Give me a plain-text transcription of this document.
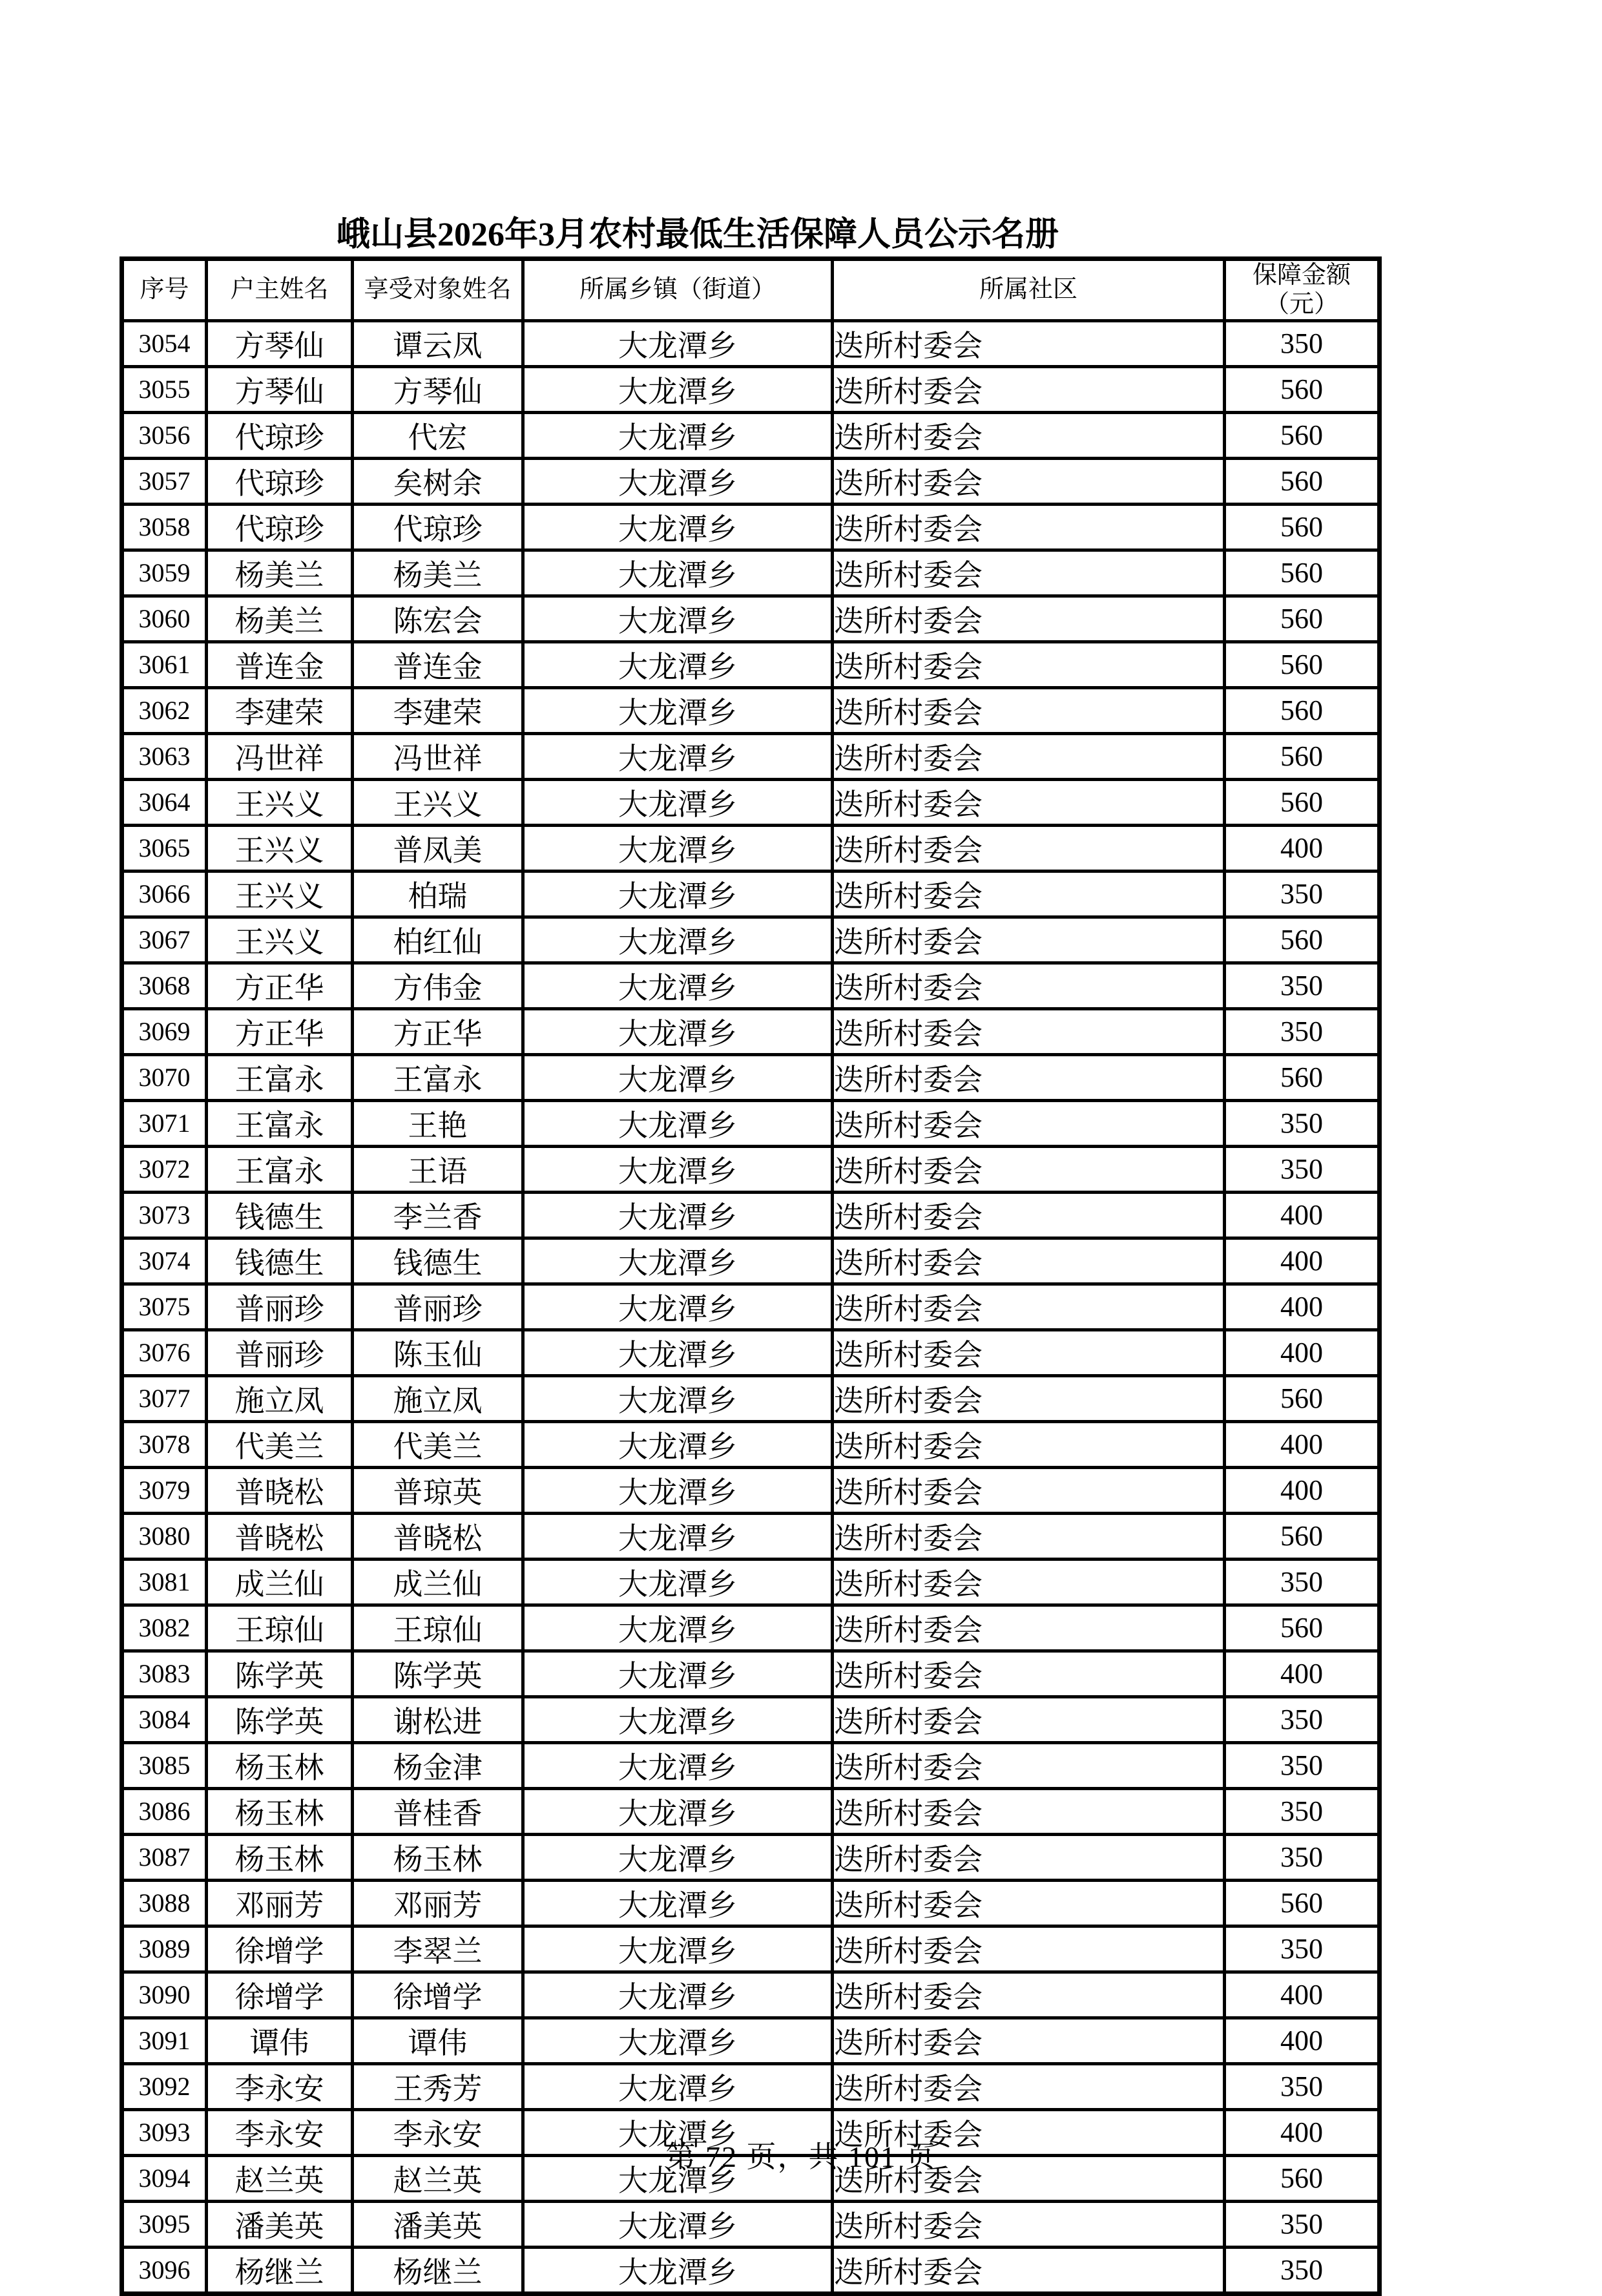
峨山县2026年3月农村最低生活保障人员公示名册
序号	户主姓名	享受对象姓名	所属乡镇（街道）	所属社区	保障金额
（元）

3054	方琴仙	谭云凤	大龙潭乡	迭所村委会	350
3055	方琴仙	方琴仙	大龙潭乡	迭所村委会	560
3056	代琼珍	代宏	大龙潭乡	迭所村委会	560
3057	代琼珍	矣树余	大龙潭乡	迭所村委会	560
3058	代琼珍	代琼珍	大龙潭乡	迭所村委会	560
3059	杨美兰	杨美兰	大龙潭乡	迭所村委会	560
3060	杨美兰	陈宏会	大龙潭乡	迭所村委会	560
3061	普连金	普连金	大龙潭乡	迭所村委会	560
3062	李建荣	李建荣	大龙潭乡	迭所村委会	560
3063	冯世祥	冯世祥	大龙潭乡	迭所村委会	560
3064	王兴义	王兴义	大龙潭乡	迭所村委会	560
3065	王兴义	普凤美	大龙潭乡	迭所村委会	400
3066	王兴义	柏瑞	大龙潭乡	迭所村委会	350
3067	王兴义	柏红仙	大龙潭乡	迭所村委会	560
3068	方正华	方伟金	大龙潭乡	迭所村委会	350
3069	方正华	方正华	大龙潭乡	迭所村委会	350
3070	王富永	王富永	大龙潭乡	迭所村委会	560
3071	王富永	王艳	大龙潭乡	迭所村委会	350
3072	王富永	王语	大龙潭乡	迭所村委会	350
3073	钱德生	李兰香	大龙潭乡	迭所村委会	400
3074	钱德生	钱德生	大龙潭乡	迭所村委会	400
3075	普丽珍	普丽珍	大龙潭乡	迭所村委会	400
3076	普丽珍	陈玉仙	大龙潭乡	迭所村委会	400
3077	施立凤	施立凤	大龙潭乡	迭所村委会	560
3078	代美兰	代美兰	大龙潭乡	迭所村委会	400
3079	普晓松	普琼英	大龙潭乡	迭所村委会	400
3080	普晓松	普晓松	大龙潭乡	迭所村委会	560
3081	成兰仙	成兰仙	大龙潭乡	迭所村委会	350
3082	王琼仙	王琼仙	大龙潭乡	迭所村委会	560
3083	陈学英	陈学英	大龙潭乡	迭所村委会	400
3084	陈学英	谢松进	大龙潭乡	迭所村委会	350
3085	杨玉林	杨金津	大龙潭乡	迭所村委会	350
3086	杨玉林	普桂香	大龙潭乡	迭所村委会	350
3087	杨玉林	杨玉林	大龙潭乡	迭所村委会	350
3088	邓丽芳	邓丽芳	大龙潭乡	迭所村委会	560
3089	徐增学	李翠兰	大龙潭乡	迭所村委会	350
3090	徐增学	徐增学	大龙潭乡	迭所村委会	400
3091	谭伟	谭伟	大龙潭乡	迭所村委会	400
3092	李永安	王秀芳	大龙潭乡	迭所村委会	350
3093	李永安	李永安	大龙潭乡	迭所村委会	400
3094	赵兰英	赵兰英	大龙潭乡	迭所村委会	560
3095	潘美英	潘美英	大龙潭乡	迭所村委会	350
3096	杨继兰	杨继兰	大龙潭乡	迭所村委会	350
第 72 页，共 101 页
